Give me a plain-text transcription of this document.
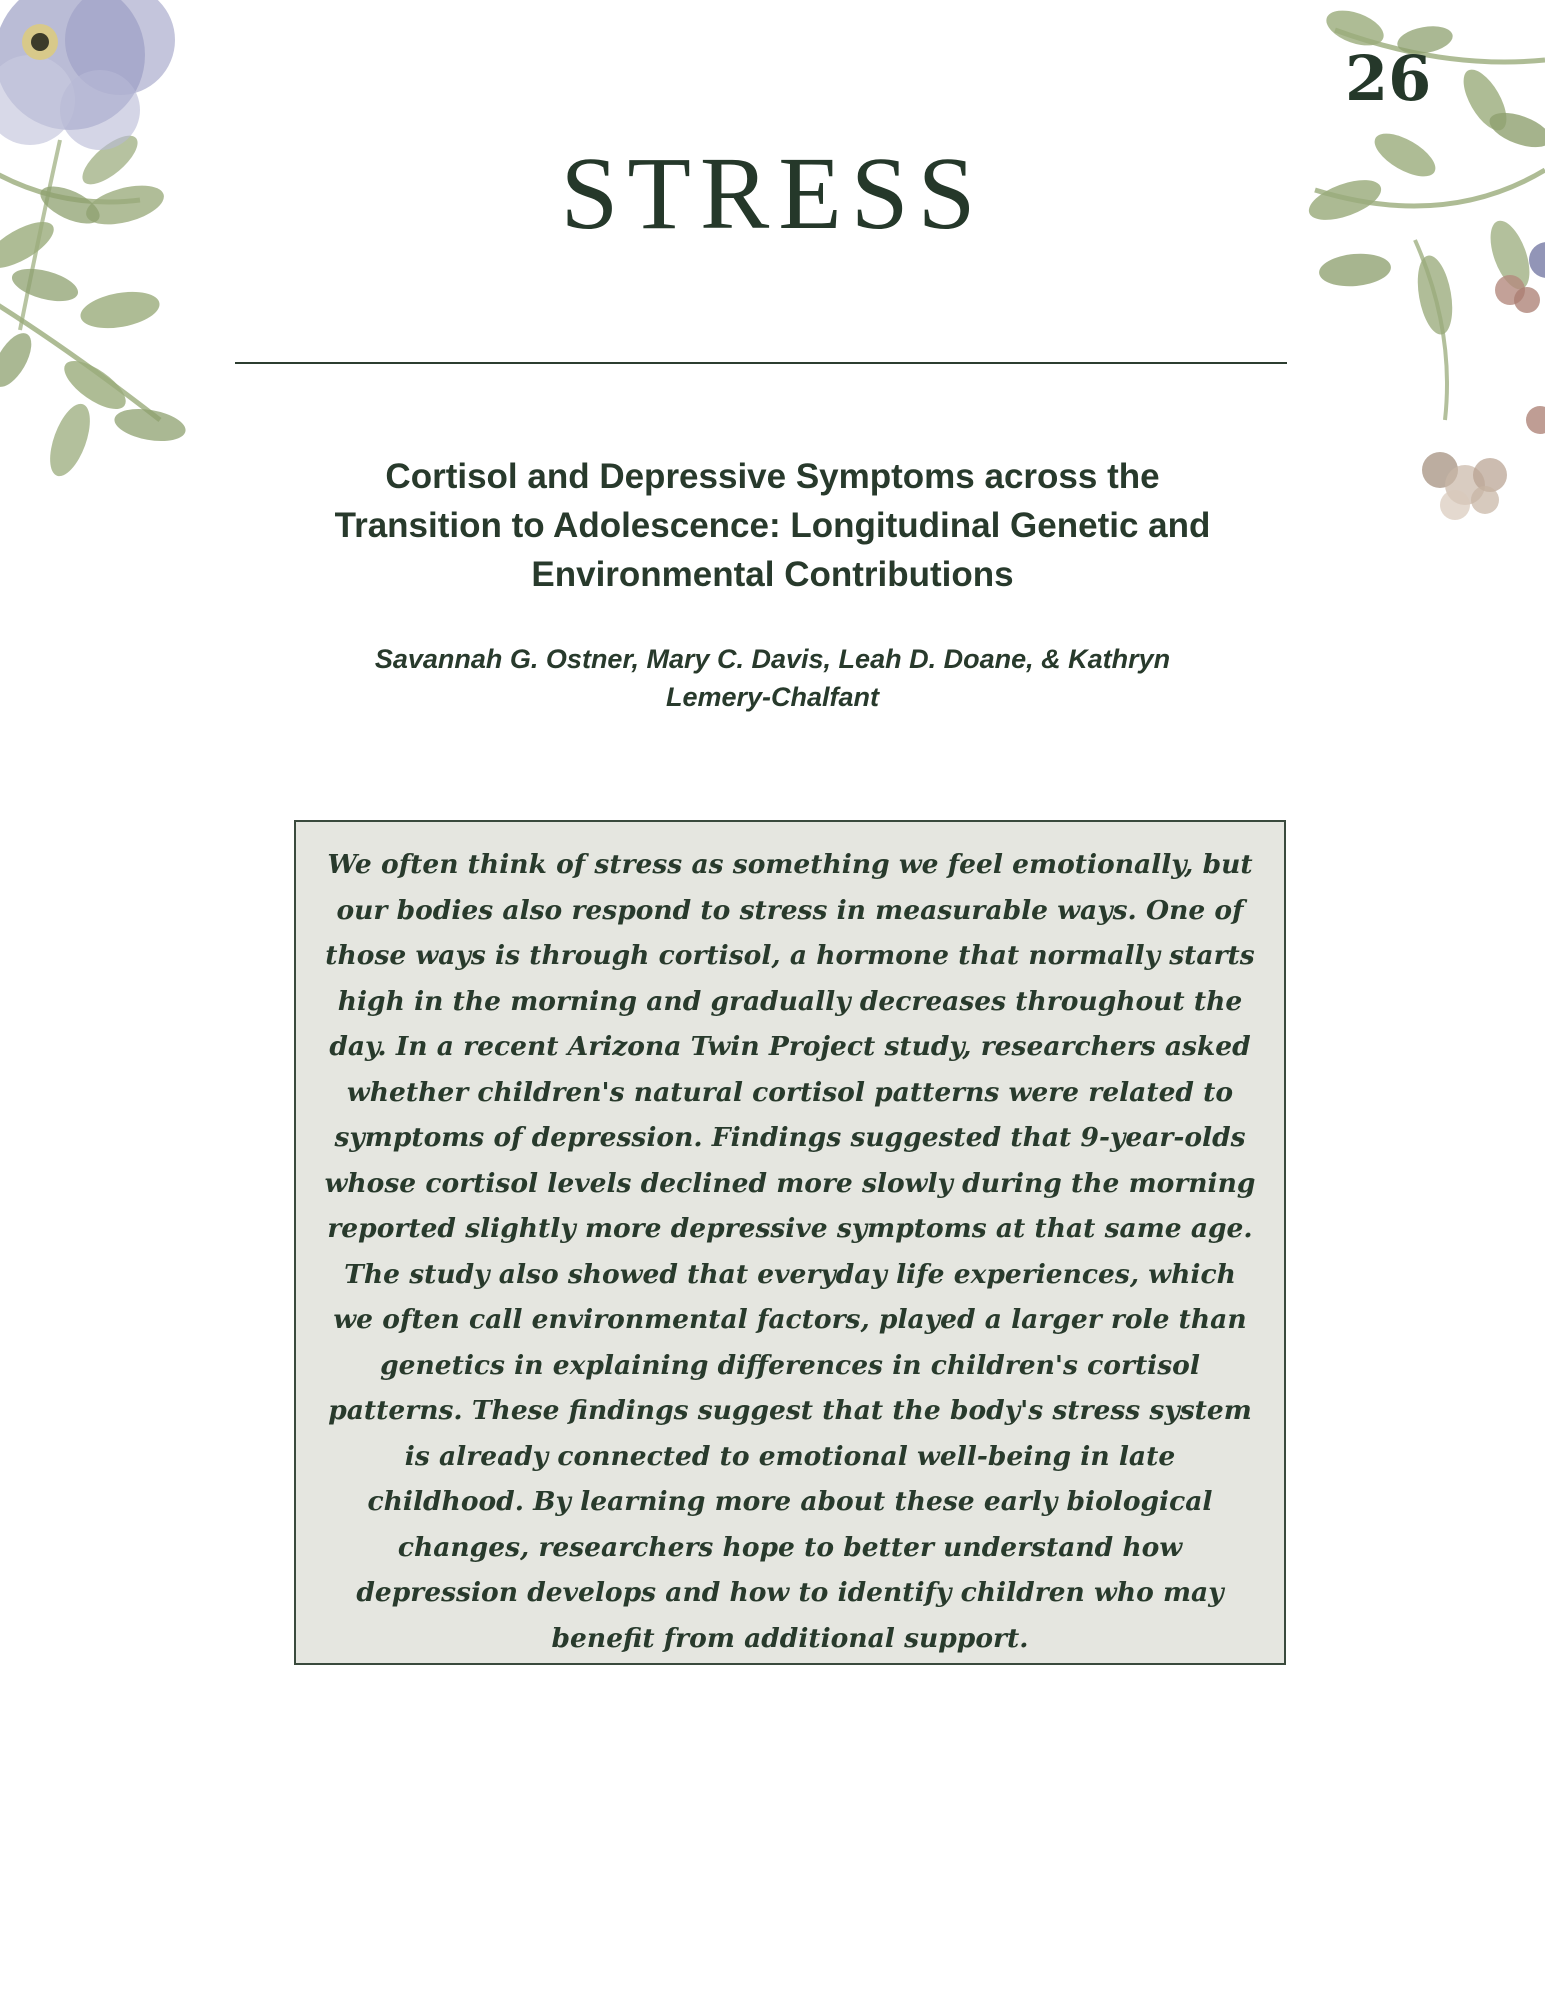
26
STRESS
Cortisol and Depressive Symptoms across the Transition to Adolescence: Longitudinal Genetic and Environmental Contributions
Savannah G. Ostner, Mary C. Davis, Leah D. Doane, & Kathryn Lemery-Chalfant

We often think of stress as something we feel emotionally, but our bodies also respond to stress in measurable ways. One of those ways is through cortisol, a hormone that normally starts high in the morning and gradually decreases throughout the day. In a recent Arizona Twin Project study, researchers asked whether children's natural cortisol patterns were related to symptoms of depression. Findings suggested that 9-year-olds whose cortisol levels declined more slowly during the morning reported slightly more depressive symptoms at that same age. The study also showed that everyday life experiences, which we often call environmental factors, played a larger role than genetics in explaining differences in children's cortisol patterns. These findings suggest that the body's stress system is already connected to emotional well-being in late childhood. By learning more about these early biological changes, researchers hope to better understand how depression develops and how to identify children who may benefit from additional support.
